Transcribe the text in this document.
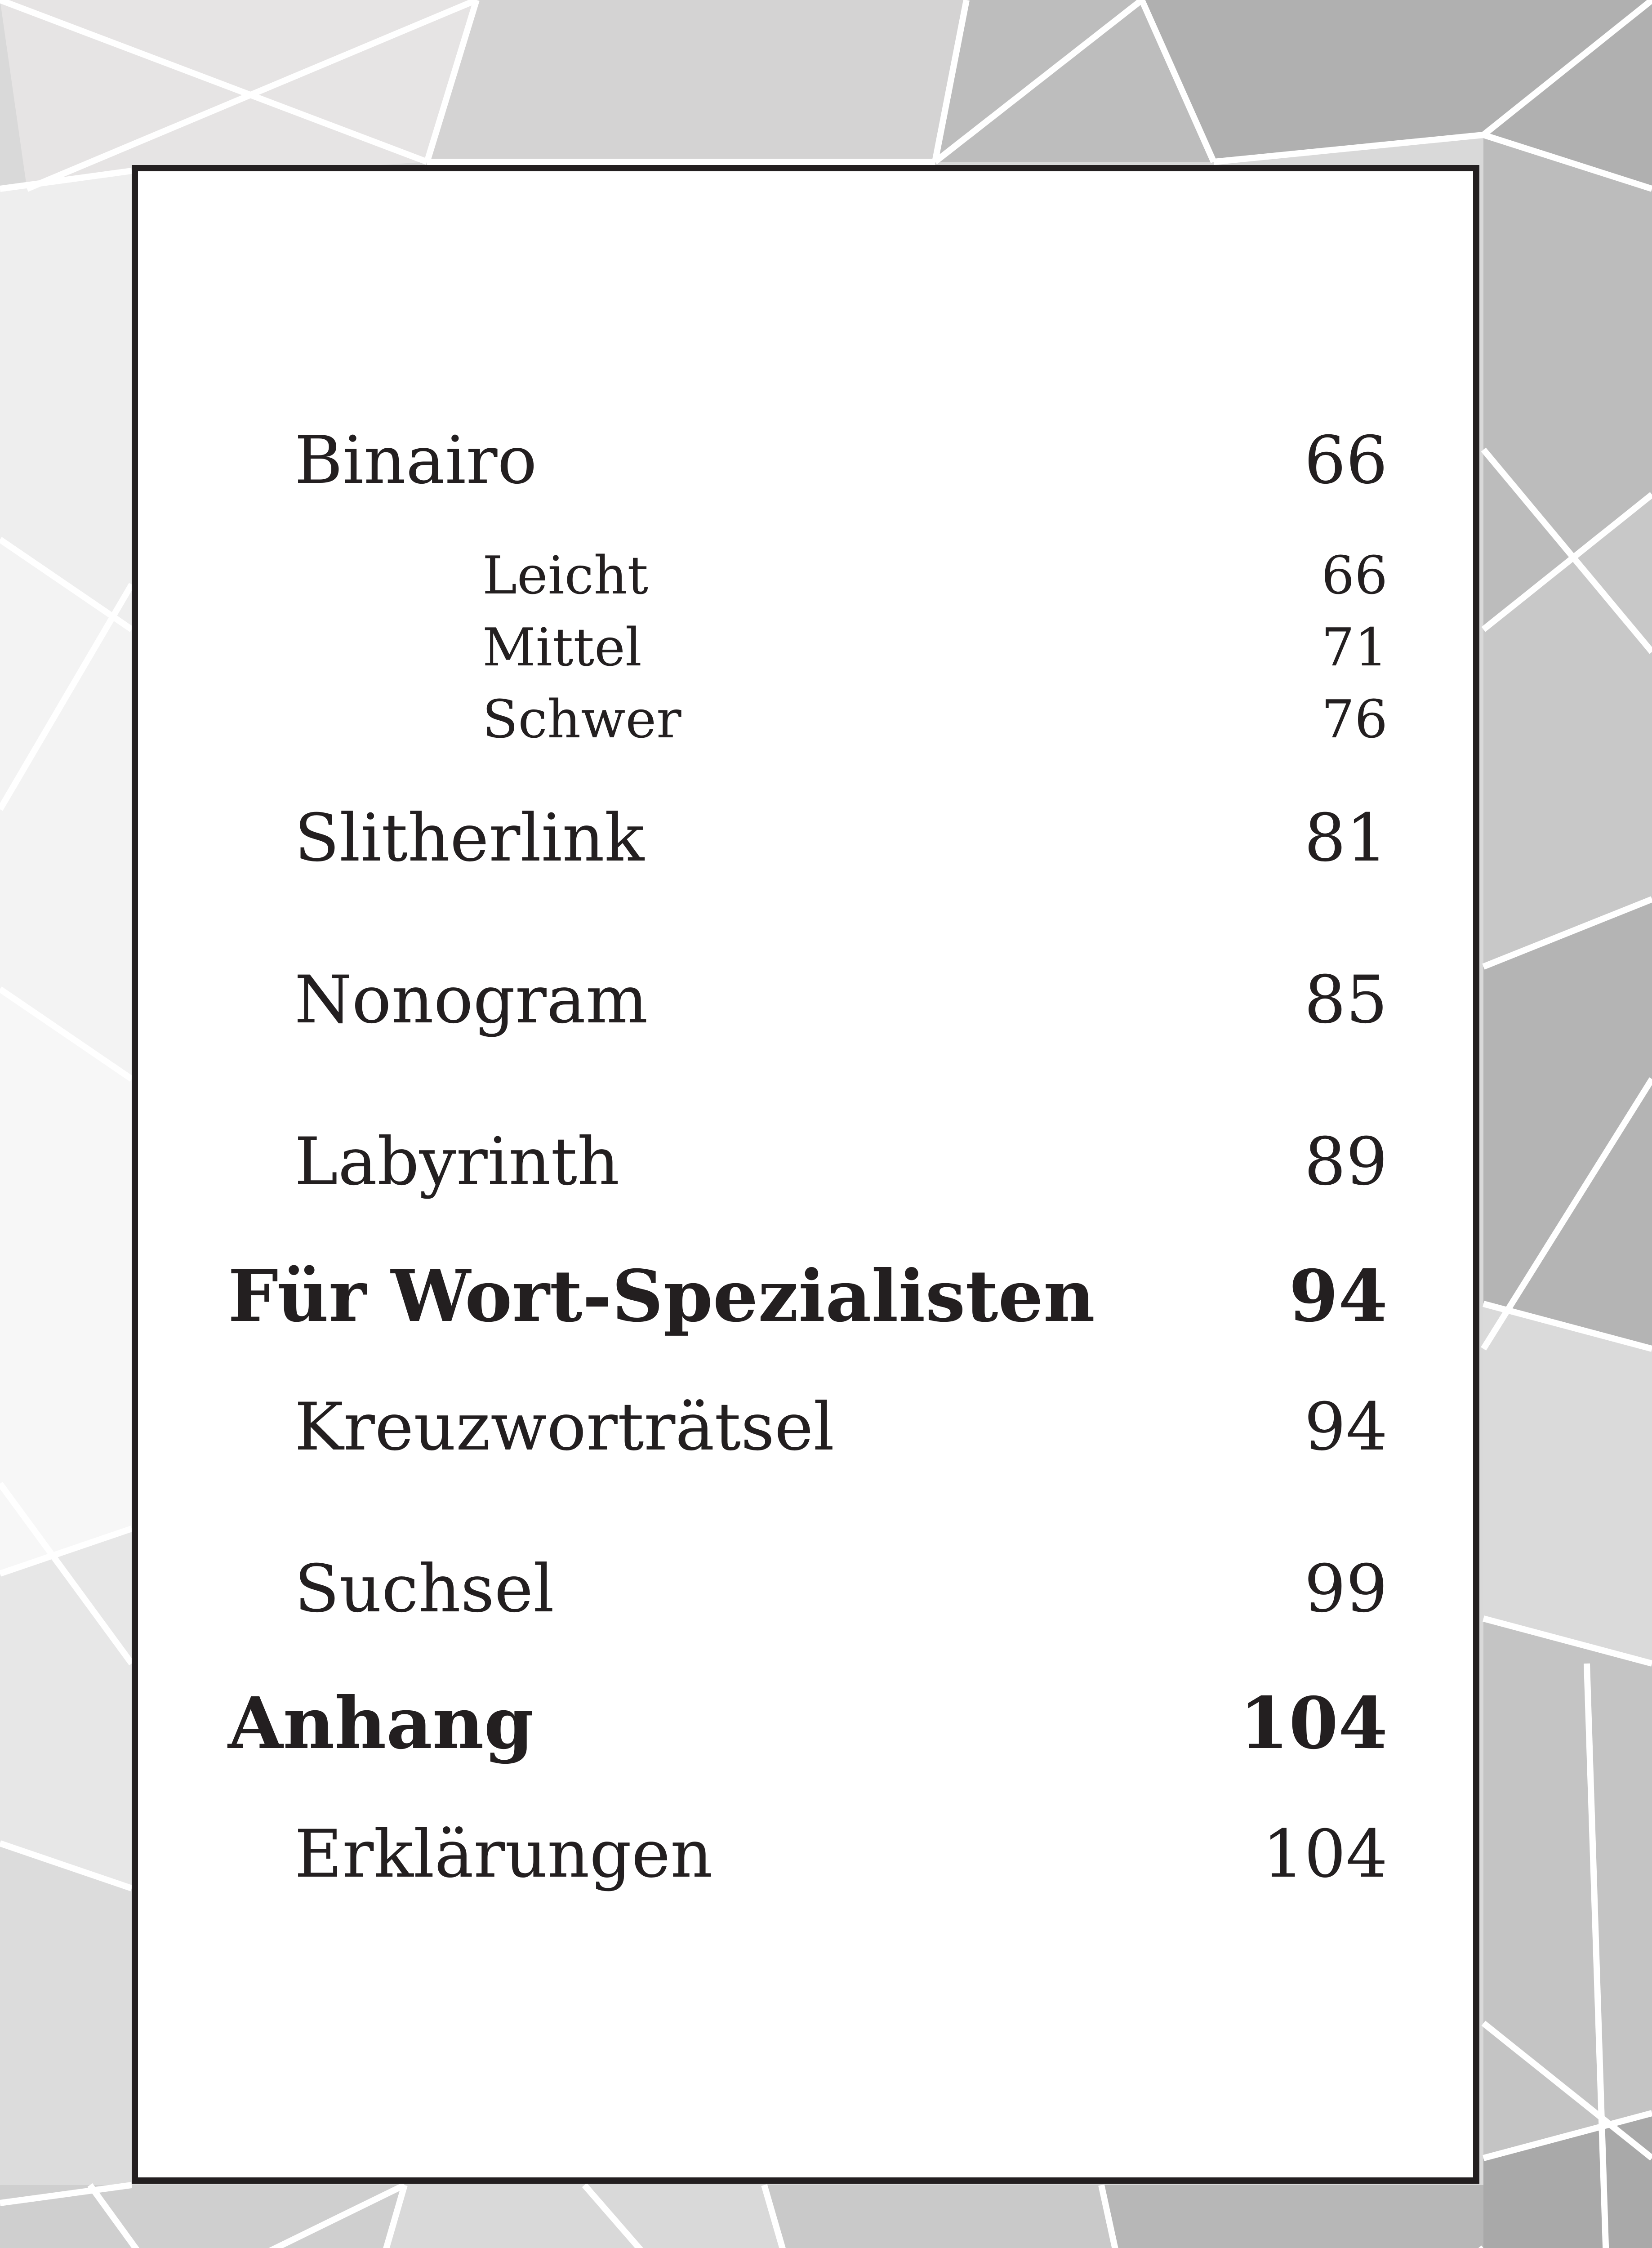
Binairo	66
Leicht	66
Mittel	71
Schwer	76
Slitherlink	81
Nonogram	85
Labyrinth	89
Für Wort-Spezialisten	94
Kreuzworträtsel	94
Suchsel	99
Anhang	104
Erklärungen	104
